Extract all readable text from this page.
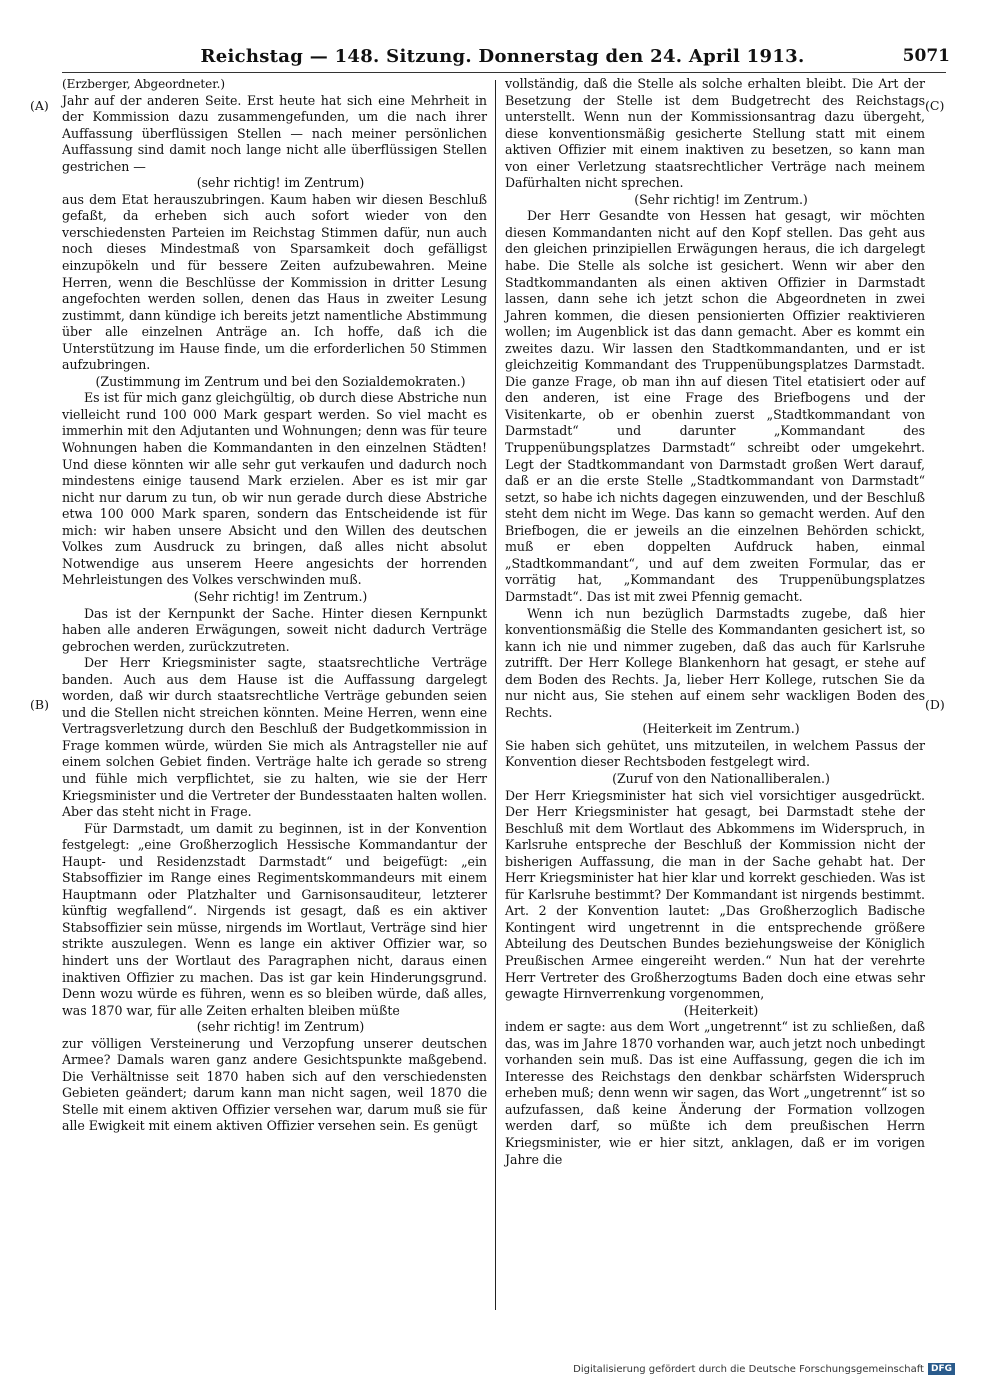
Reichstag — 148. Sitzung. Donnerstag den 24. April 1913.	5071
(A)
(B)
(C)
(D)

(Erzberger, Abgeordneter.)

Jahr auf der anderen Seite. Erst heute hat sich eine Mehrheit in der Kommission dazu zusammengefunden, um die nach ihrer Auffassung überflüssigen Stellen — nach meiner persönlichen Auffassung sind damit noch lange nicht alle überflüssigen Stellen gestrichen —

(sehr richtig! im Zentrum)

aus dem Etat herauszubringen. Kaum haben wir diesen Beschluß gefaßt, da erheben sich auch sofort wieder von den verschiedensten Parteien im Reichstag Stimmen dafür, nun auch noch dieses Mindestmaß von Sparsamkeit doch gefälligst einzupökeln und für bessere Zeiten aufzubewahren. Meine Herren, wenn die Beschlüsse der Kommission in dritter Lesung angefochten werden sollen, denen das Haus in zweiter Lesung zustimmt, dann kündige ich bereits jetzt namentliche Abstimmung über alle einzelnen Anträge an. Ich hoffe, daß ich die Unterstützung im Hause finde, um die erforderlichen 50 Stimmen aufzubringen.

(Zustimmung im Zentrum und bei den Sozialdemokraten.)

Es ist für mich ganz gleichgültig, ob durch diese Abstriche nun vielleicht rund 100 000 Mark gespart werden. So viel macht es immerhin mit den Adjutanten und Wohnungen; denn was für teure Wohnungen haben die Kommandanten in den einzelnen Städten! Und diese könnten wir alle sehr gut verkaufen und dadurch noch mindestens einige tausend Mark erzielen. Aber es ist mir gar nicht nur darum zu tun, ob wir nun gerade durch diese Abstriche etwa 100 000 Mark sparen, sondern das Entscheidende ist für mich: wir haben unsere Absicht und den Willen des deutschen Volkes zum Ausdruck zu bringen, daß alles nicht absolut Notwendige aus unserem Heere angesichts der horrenden Mehrleistungen des Volkes verschwinden muß.

(Sehr richtig! im Zentrum.)

Das ist der Kernpunkt der Sache. Hinter diesen Kernpunkt haben alle anderen Erwägungen, soweit nicht dadurch Verträge gebrochen werden, zurückzutreten.

Der Herr Kriegsminister sagte, staatsrechtliche Verträge banden. Auch aus dem Hause ist die Auffassung dargelegt worden, daß wir durch staatsrechtliche Verträge gebunden seien und die Stellen nicht streichen könnten. Meine Herren, wenn eine Vertragsverletzung durch den Beschluß der Budgetkommission in Frage kommen würde, würden Sie mich als Antragsteller nie auf einem solchen Gebiet finden. Verträge halte ich gerade so streng und fühle mich verpflichtet, sie zu halten, wie sie der Herr Kriegsminister und die Vertreter der Bundesstaaten halten wollen. Aber das steht nicht in Frage.

Für Darmstadt, um damit zu beginnen, ist in der Konvention festgelegt: „eine Großherzoglich Hessische Kommandantur der Haupt- und Residenzstadt Darmstadt“ und beigefügt: „ein Stabsoffizier im Range eines Regimentskommandeurs mit einem Hauptmann oder Platzhalter und Garnisonsauditeur, letzterer künftig wegfallend“. Nirgends ist gesagt, daß es ein aktiver Stabsoffizier sein müsse, nirgends im Wortlaut, Verträge sind hier strikte auszulegen. Wenn es lange ein aktiver Offizier war, so hindert uns der Wortlaut des Paragraphen nicht, daraus einen inaktiven Offizier zu machen. Das ist gar kein Hinderungsgrund. Denn wozu würde es führen, wenn es so bleiben würde, daß alles, was 1870 war, für alle Zeiten erhalten bleiben müßte

(sehr richtig! im Zentrum)

zur völligen Versteinerung und Verzopfung unserer deutschen Armee? Damals waren ganz andere Gesichtspunkte maßgebend. Die Verhältnisse seit 1870 haben sich auf den verschiedensten Gebieten geändert; darum kann man nicht sagen, weil 1870 die Stelle mit einem aktiven Offizier versehen war, darum muß sie für alle Ewigkeit mit einem aktiven Offizier versehen sein. Es genügt

vollständig, daß die Stelle als solche erhalten bleibt. Die Art der Besetzung der Stelle ist dem Budgetrecht des Reichstags unterstellt. Wenn nun der Kommissionsantrag dazu übergeht, diese konventionsmäßig gesicherte Stellung statt mit einem aktiven Offizier mit einem inaktiven zu besetzen, so kann man von einer Verletzung staatsrechtlicher Verträge nach meinem Dafürhalten nicht sprechen.

(Sehr richtig! im Zentrum.)

Der Herr Gesandte von Hessen hat gesagt, wir möchten diesen Kommandanten nicht auf den Kopf stellen. Das geht aus den gleichen prinzipiellen Erwägungen heraus, die ich dargelegt habe. Die Stelle als solche ist gesichert. Wenn wir aber den Stadtkommandanten als einen aktiven Offizier in Darmstadt lassen, dann sehe ich jetzt schon die Abgeordneten in zwei Jahren kommen, die diesen pensionierten Offizier reaktivieren wollen; im Augenblick ist das dann gemacht. Aber es kommt ein zweites dazu. Wir lassen den Stadtkommandanten, und er ist gleichzeitig Kommandant des Truppenübungsplatzes Darmstadt. Die ganze Frage, ob man ihn auf diesen Titel etatisiert oder auf den anderen, ist eine Frage des Briefbogens und der Visitenkarte, ob er obenhin zuerst „Stadtkommandant von Darmstadt“ und darunter „Kommandant des Truppenübungsplatzes Darmstadt“ schreibt oder umgekehrt. Legt der Stadtkommandant von Darmstadt großen Wert darauf, daß er an die erste Stelle „Stadtkommandant von Darmstadt“ setzt, so habe ich nichts dagegen einzuwenden, und der Beschluß steht dem nicht im Wege. Das kann so gemacht werden. Auf den Briefbogen, die er jeweils an die einzelnen Behörden schickt, muß er eben doppelten Aufdruck haben, einmal „Stadtkommandant“, und auf dem zweiten Formular, das er vorrätig hat, „Kommandant des Truppenübungsplatzes Darmstadt“. Das ist mit zwei Pfennig gemacht.

Wenn ich nun bezüglich Darmstadts zugebe, daß hier konventionsmäßig die Stelle des Kommandanten gesichert ist, so kann ich nie und nimmer zugeben, daß das auch für Karlsruhe zutrifft. Der Herr Kollege Blankenhorn hat gesagt, er stehe auf dem Boden des Rechts. Ja, lieber Herr Kollege, rutschen Sie da nur nicht aus, Sie stehen auf einem sehr wackligen Boden des Rechts.

(Heiterkeit im Zentrum.)

Sie haben sich gehütet, uns mitzuteilen, in welchem Passus der Konvention dieser Rechtsboden festgelegt wird.

(Zuruf von den Nationalliberalen.)

Der Herr Kriegsminister hat sich viel vorsichtiger ausgedrückt. Der Herr Kriegsminister hat gesagt, bei Darmstadt stehe der Beschluß mit dem Wortlaut des Abkommens im Widerspruch, in Karlsruhe entspreche der Beschluß der Kommission nicht der bisherigen Auffassung, die man in der Sache gehabt hat. Der Herr Kriegsminister hat hier klar und korrekt geschieden. Was ist für Karlsruhe bestimmt? Der Kommandant ist nirgends bestimmt. Art. 2 der Konvention lautet: „Das Großherzoglich Badische Kontingent wird ungetrennt in die entsprechende größere Abteilung des Deutschen Bundes beziehungsweise der Königlich Preußischen Armee eingereiht werden.“ Nun hat der verehrte Herr Vertreter des Großherzogtums Baden doch eine etwas sehr gewagte Hirnverrenkung vorgenommen,

(Heiterkeit)

indem er sagte: aus dem Wort „ungetrennt“ ist zu schließen, daß das, was im Jahre 1870 vorhanden war, auch jetzt noch unbedingt vorhanden sein muß. Das ist eine Auffassung, gegen die ich im Interesse des Reichstags den denkbar schärfsten Widerspruch erheben muß; denn wenn wir sagen, das Wort „ungetrennt“ ist so aufzufassen, daß keine Änderung der Formation vollzogen werden darf, so müßte ich dem preußischen Herrn Kriegsminister, wie er hier sitzt, anklagen, daß er im vorigen Jahre die

Digitalisierung gefördert durch die Deutsche Forschungsgemeinschaft DFG
